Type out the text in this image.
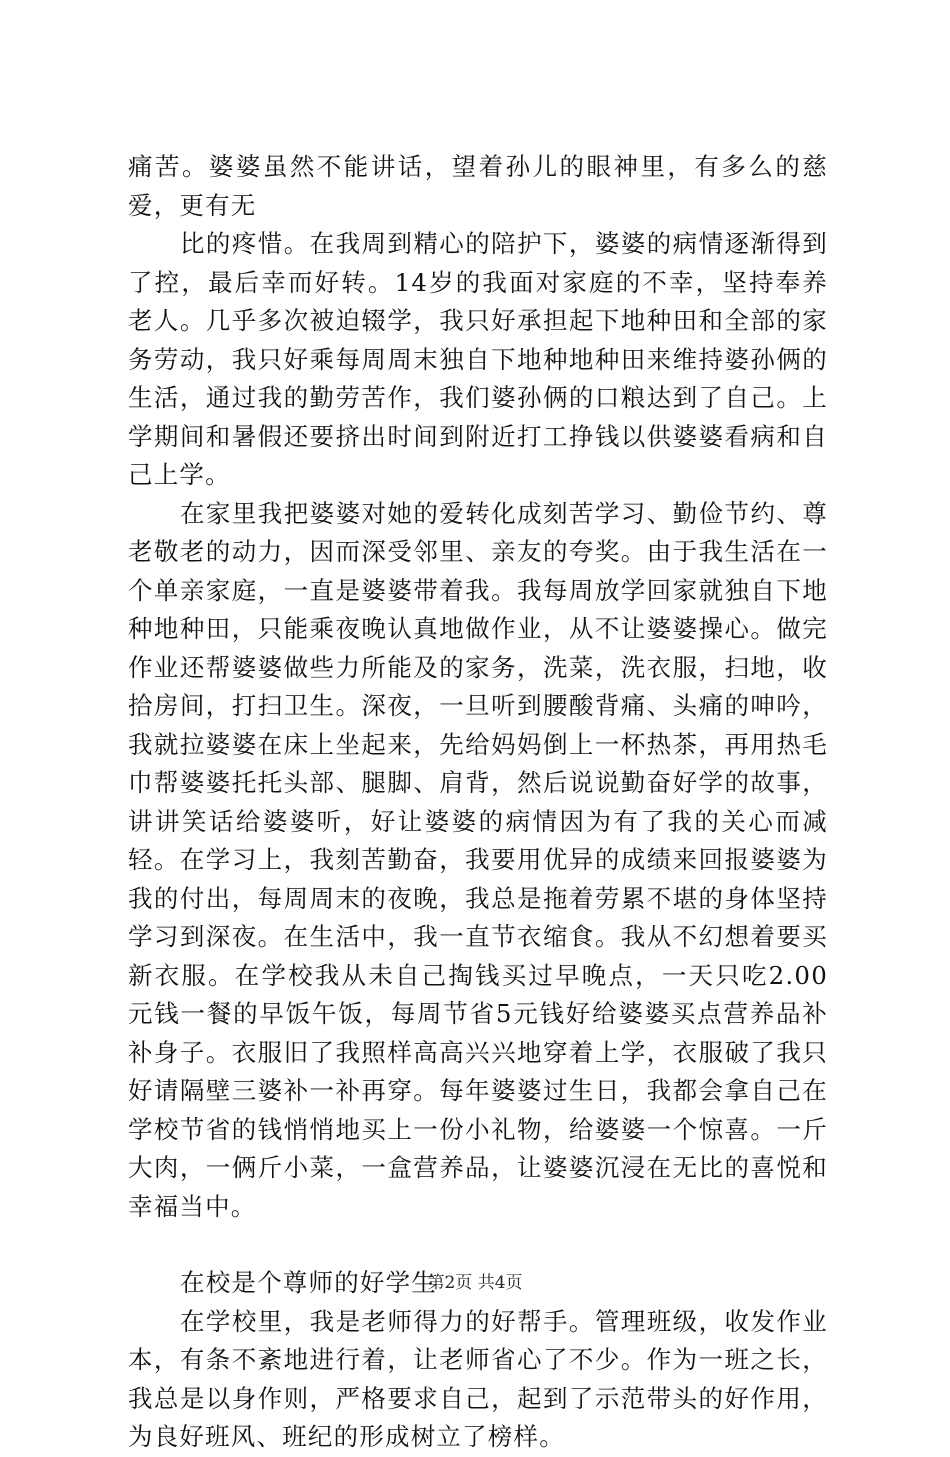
痛苦。婆婆虽然不能讲话，望着孙儿的眼神里，有多么的慈爱，更有无

比的疼惜。在我周到精心的陪护下，婆婆的病情逐渐得到了控，最后幸而好转。14岁的我面对家庭的不幸，坚持奉养老人。几乎多次被迫辍学，我只好承担起下地种田和全部的家务劳动，我只好乘每周周末独自下地种地种田来维持婆孙俩的生活，通过我的勤劳苦作，我们婆孙俩的口粮达到了自己。上学期间和暑假还要挤出时间到附近打工挣钱以供婆婆看病和自己上学。

在家里我把婆婆对她的爱转化成刻苦学习、勤俭节约、尊老敬老的动力，因而深受邻里、亲友的夸奖。由于我生活在一个单亲家庭，一直是婆婆带着我。我每周放学回家就独自下地种地种田，只能乘夜晚认真地做作业，从不让婆婆操心。做完作业还帮婆婆做些力所能及的家务，洗菜，洗衣服，扫地，收拾房间，打扫卫生。深夜，一旦听到腰酸背痛、头痛的呻吟，我就拉婆婆在床上坐起来，先给妈妈倒上一杯热茶，再用热毛巾帮婆婆托托头部、腿脚、肩背，然后说说勤奋好学的故事，讲讲笑话给婆婆听，好让婆婆的病情因为有了我的关心而减轻。在学习上，我刻苦勤奋，我要用优异的成绩来回报婆婆为我的付出，每周周末的夜晚，我总是拖着劳累不堪的身体坚持学习到深夜。在生活中，我一直节衣缩食。我从不幻想着要买新衣服。在学校我从未自己掏钱买过早晚点，一天只吃2.00元钱一餐的早饭午饭，每周节省5元钱好给婆婆买点营养品补补身子。衣服旧了我照样高高兴兴地穿着上学，衣服破了我只好请隔壁三婆补一补再穿。每年婆婆过生日，我都会拿自己在学校节省的钱悄悄地买上一份小礼物，给婆婆一个惊喜。一斤大肉，一俩斤小菜，一盒营养品，让婆婆沉浸在无比的喜悦和幸福当中。

在校是个尊师的好学生

在学校里，我是老师得力的好帮手。管理班级，收发作业本，有条不紊地进行着，让老师省心了不少。作为一班之长，我总是以身作则，严格要求自己，起到了示范带头的好作用，为良好班风、班纪的形成树立了榜样。

第2页 共4页
